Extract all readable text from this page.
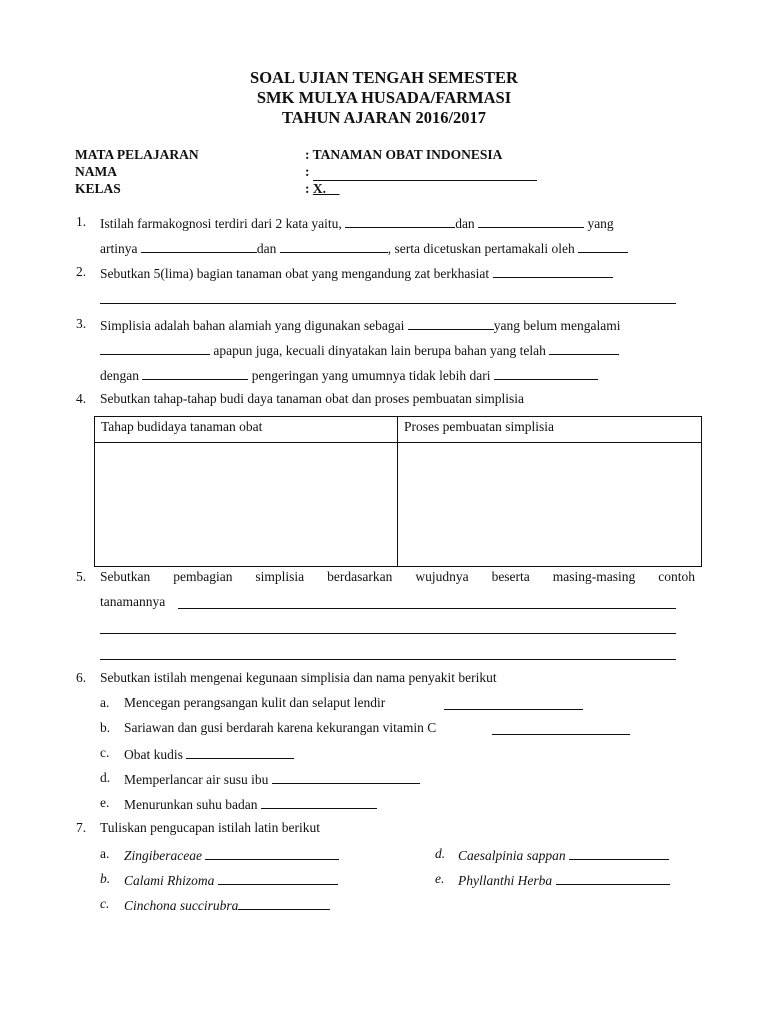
SOAL UJIAN TENGAH SEMESTER
SMK MULYA HUSADA/FARMASI
TAHUN AJARAN 2016/2017
MATA PELAJARAN	: TANAMAN OBAT INDONESIA
NAMA	:
KELAS	: X.
1. Istilah farmakognosi terdiri dari 2 kata yaitu,	dan	yang
artinya	dan	, serta dicetuskan pertamakali oleh
2. Sebutkan 5(lima) bagian tanaman obat yang mengandung zat berkhasiat
3. Simplisia adalah bahan alamiah yang digunakan sebagai	yang belum mengalami
apapun juga, kecuali dinyatakan lain berupa bahan yang telah
dengan	pengeringan yang umumnya tidak lebih dari
4. Sebutkan tahap-tahap budi daya tanaman obat dan proses pembuatan simplisia
Tahap budidaya tanaman obat	Proses pembuatan simplisia

5. Sebutkan pembagian simplisia berdasarkan wujudnya beserta masing-masing contoh
tanamannya
6. Sebutkan istilah mengenai kegunaan simplisia dan nama penyakit berikut
a. Mencegan perangsangan kulit dan selaput lendir
b. Sariawan dan gusi berdarah karena kekurangan vitamin C
c. Obat kudis
d. Memperlancar air susu ibu
e. Menurunkan suhu badan
7. Tuliskan pengucapan istilah latin berikut
a. Zingiberaceae
b. Calami Rhizoma
c. Cinchona succirubra
d. Caesalpinia sappan
e. Phyllanthi Herba
